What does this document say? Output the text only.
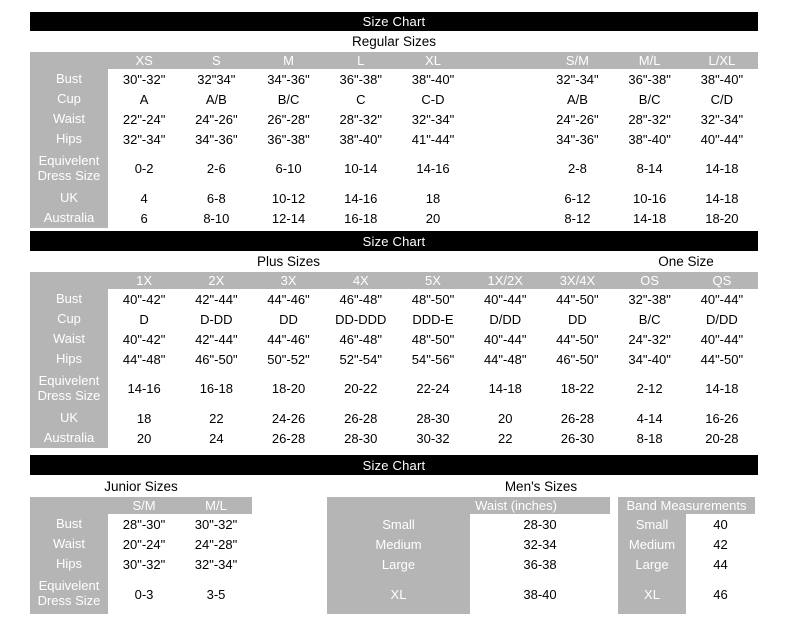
Size Chart
Regular Sizes
XS	S	M	L	XL	S/M	M/L	L/XL
Bust	30"-32"	32"34"	34"-36"	36"-38"	38"-40"	32"-34"	36"-38"	38"-40"
Cup	A	A/B	B/C	C	C-D	A/B	B/C	C/D
Waist	22"-24"	24"-26"	26"-28"	28"-32"	32"-34"	24"-26"	28"-32"	32"-34"
Hips	32"-34"	34"-36"	36"-38"	38"-40"	41"-44"	34"-36"	38"-40"	40"-44"
Equivelent Dress Size	0-2	2-6	6-10	10-14	14-16	2-8	8-14	14-18
UK	4	6-8	10-12	14-16	18	6-12	10-16	14-18
Australia	6	8-10	12-14	16-18	20	8-12	14-18	18-20
Size Chart
Plus Sizes	One Size
1X	2X	3X	4X	5X	1X/2X	3X/4X	OS	QS
Bust	40"-42"	42"-44"	44"-46"	46"-48"	48"-50"	40"-44"	44"-50"	32"-38"	40"-44"
Cup	D	D-DD	DD	DD-DDD	DDD-E	D/DD	DD	B/C	D/DD
Waist	40"-42"	42"-44"	44"-46"	46"-48"	48"-50"	40"-44"	44"-50"	24"-32"	40"-44"
Hips	44"-48"	46"-50"	50"-52"	52"-54"	54"-56"	44"-48"	46"-50"	34"-40"	44"-50"
Equivelent Dress Size	14-16	16-18	18-20	20-22	22-24	14-18	18-22	2-12	14-18
UK	18	22	24-26	26-28	28-30	20	26-28	4-14	16-26
Australia	20	24	26-28	28-30	30-32	22	26-30	8-18	20-28
Size Chart
Junior Sizes	Men's Sizes
S/M	M/L
Bust	28"-30"	30"-32"
Waist	20"-24"	24"-28"
Hips	30"-32"	32"-34"
Equivelent Dress Size	0-3	3-5
Waist (inches)	Band Measurements
Small	28-30	Small	40
Medium	32-34	Medium	42
Large	36-38	Large	44
XL	38-40	XL	46
